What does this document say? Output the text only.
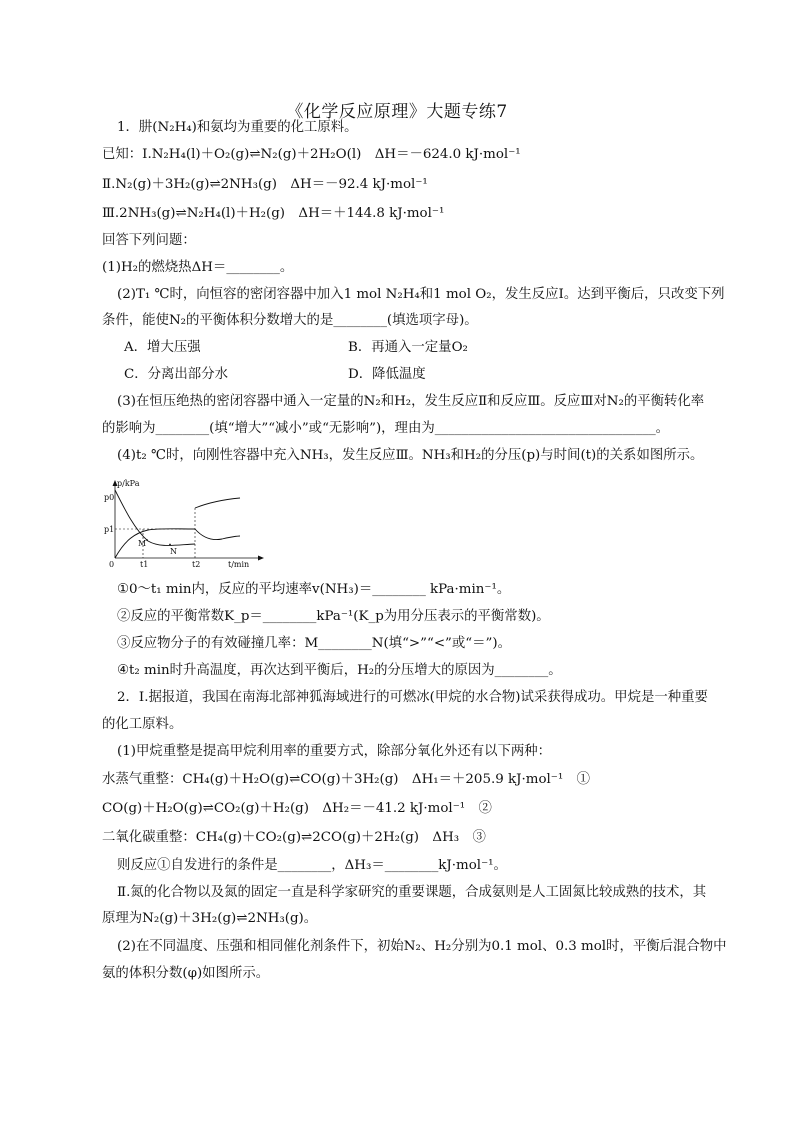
《化学反应原理》大题专练7
1．肼(N₂H₄)和氨均为重要的化工原料。
已知：Ⅰ.N₂H₄(l)＋O₂(g)⇌N₂(g)＋2H₂O(l)　ΔH＝－624.0 kJ·mol⁻¹
Ⅱ.N₂(g)＋3H₂(g)⇌2NH₃(g)　ΔH＝－92.4 kJ·mol⁻¹
Ⅲ.2NH₃(g)⇌N₂H₄(l)＋H₂(g)　ΔH＝＋144.8 kJ·mol⁻¹
回答下列问题：
(1)H₂的燃烧热ΔH＝________。
(2)T₁ ℃时，向恒容的密闭容器中加入1 mol N₂H₄和1 mol O₂，发生反应Ⅰ。达到平衡后，只改变下列
条件，能使N₂的平衡体积分数增大的是________(填选项字母)。
A．增大压强	B．再通入一定量O₂
C．分离出部分水	D．降低温度
(3)在恒压绝热的密闭容器中通入一定量的N₂和H₂，发生反应Ⅱ和反应Ⅲ。反应Ⅲ对N₂的平衡转化率
的影响为________(填“增大”“减小”或“无影响”)，理由为_________________________________。
(4)t₂ ℃时，向刚性容器中充入NH₃，发生反应Ⅲ。NH₃和H₂的分压(p)与时间(t)的关系如图所示。
p/kPa
p0
p1
0	t1	t2	t/min
M
N
①0～t₁ min内，反应的平均速率v(NH₃)＝________ kPa·min⁻¹。
②反应的平衡常数K_p＝________kPa⁻¹(K_p为用分压表示的平衡常数)。
③反应物分子的有效碰撞几率：M________N(填“>”“<”或“＝”)。
④t₂ min时升高温度，再次达到平衡后，H₂的分压增大的原因为________。
2．Ⅰ.据报道，我国在南海北部神狐海域进行的可燃冰(甲烷的水合物)试采获得成功。甲烷是一种重要
的化工原料。
(1)甲烷重整是提高甲烷利用率的重要方式，除部分氧化外还有以下两种：
水蒸气重整：CH₄(g)＋H₂O(g)⇌CO(g)＋3H₂(g)　ΔH₁＝＋205.9 kJ·mol⁻¹　①
CO(g)＋H₂O(g)⇌CO₂(g)＋H₂(g)　ΔH₂＝－41.2 kJ·mol⁻¹　②
二氧化碳重整：CH₄(g)＋CO₂(g)⇌2CO(g)＋2H₂(g)　ΔH₃　③
则反应①自发进行的条件是________，ΔH₃＝________kJ·mol⁻¹。
Ⅱ.氮的化合物以及氮的固定一直是科学家研究的重要课题，合成氨则是人工固氮比较成熟的技术，其
原理为N₂(g)＋3H₂(g)⇌2NH₃(g)。
(2)在不同温度、压强和相同催化剂条件下，初始N₂、H₂分别为0.1 mol、0.3 mol时，平衡后混合物中
氨的体积分数(φ)如图所示。
